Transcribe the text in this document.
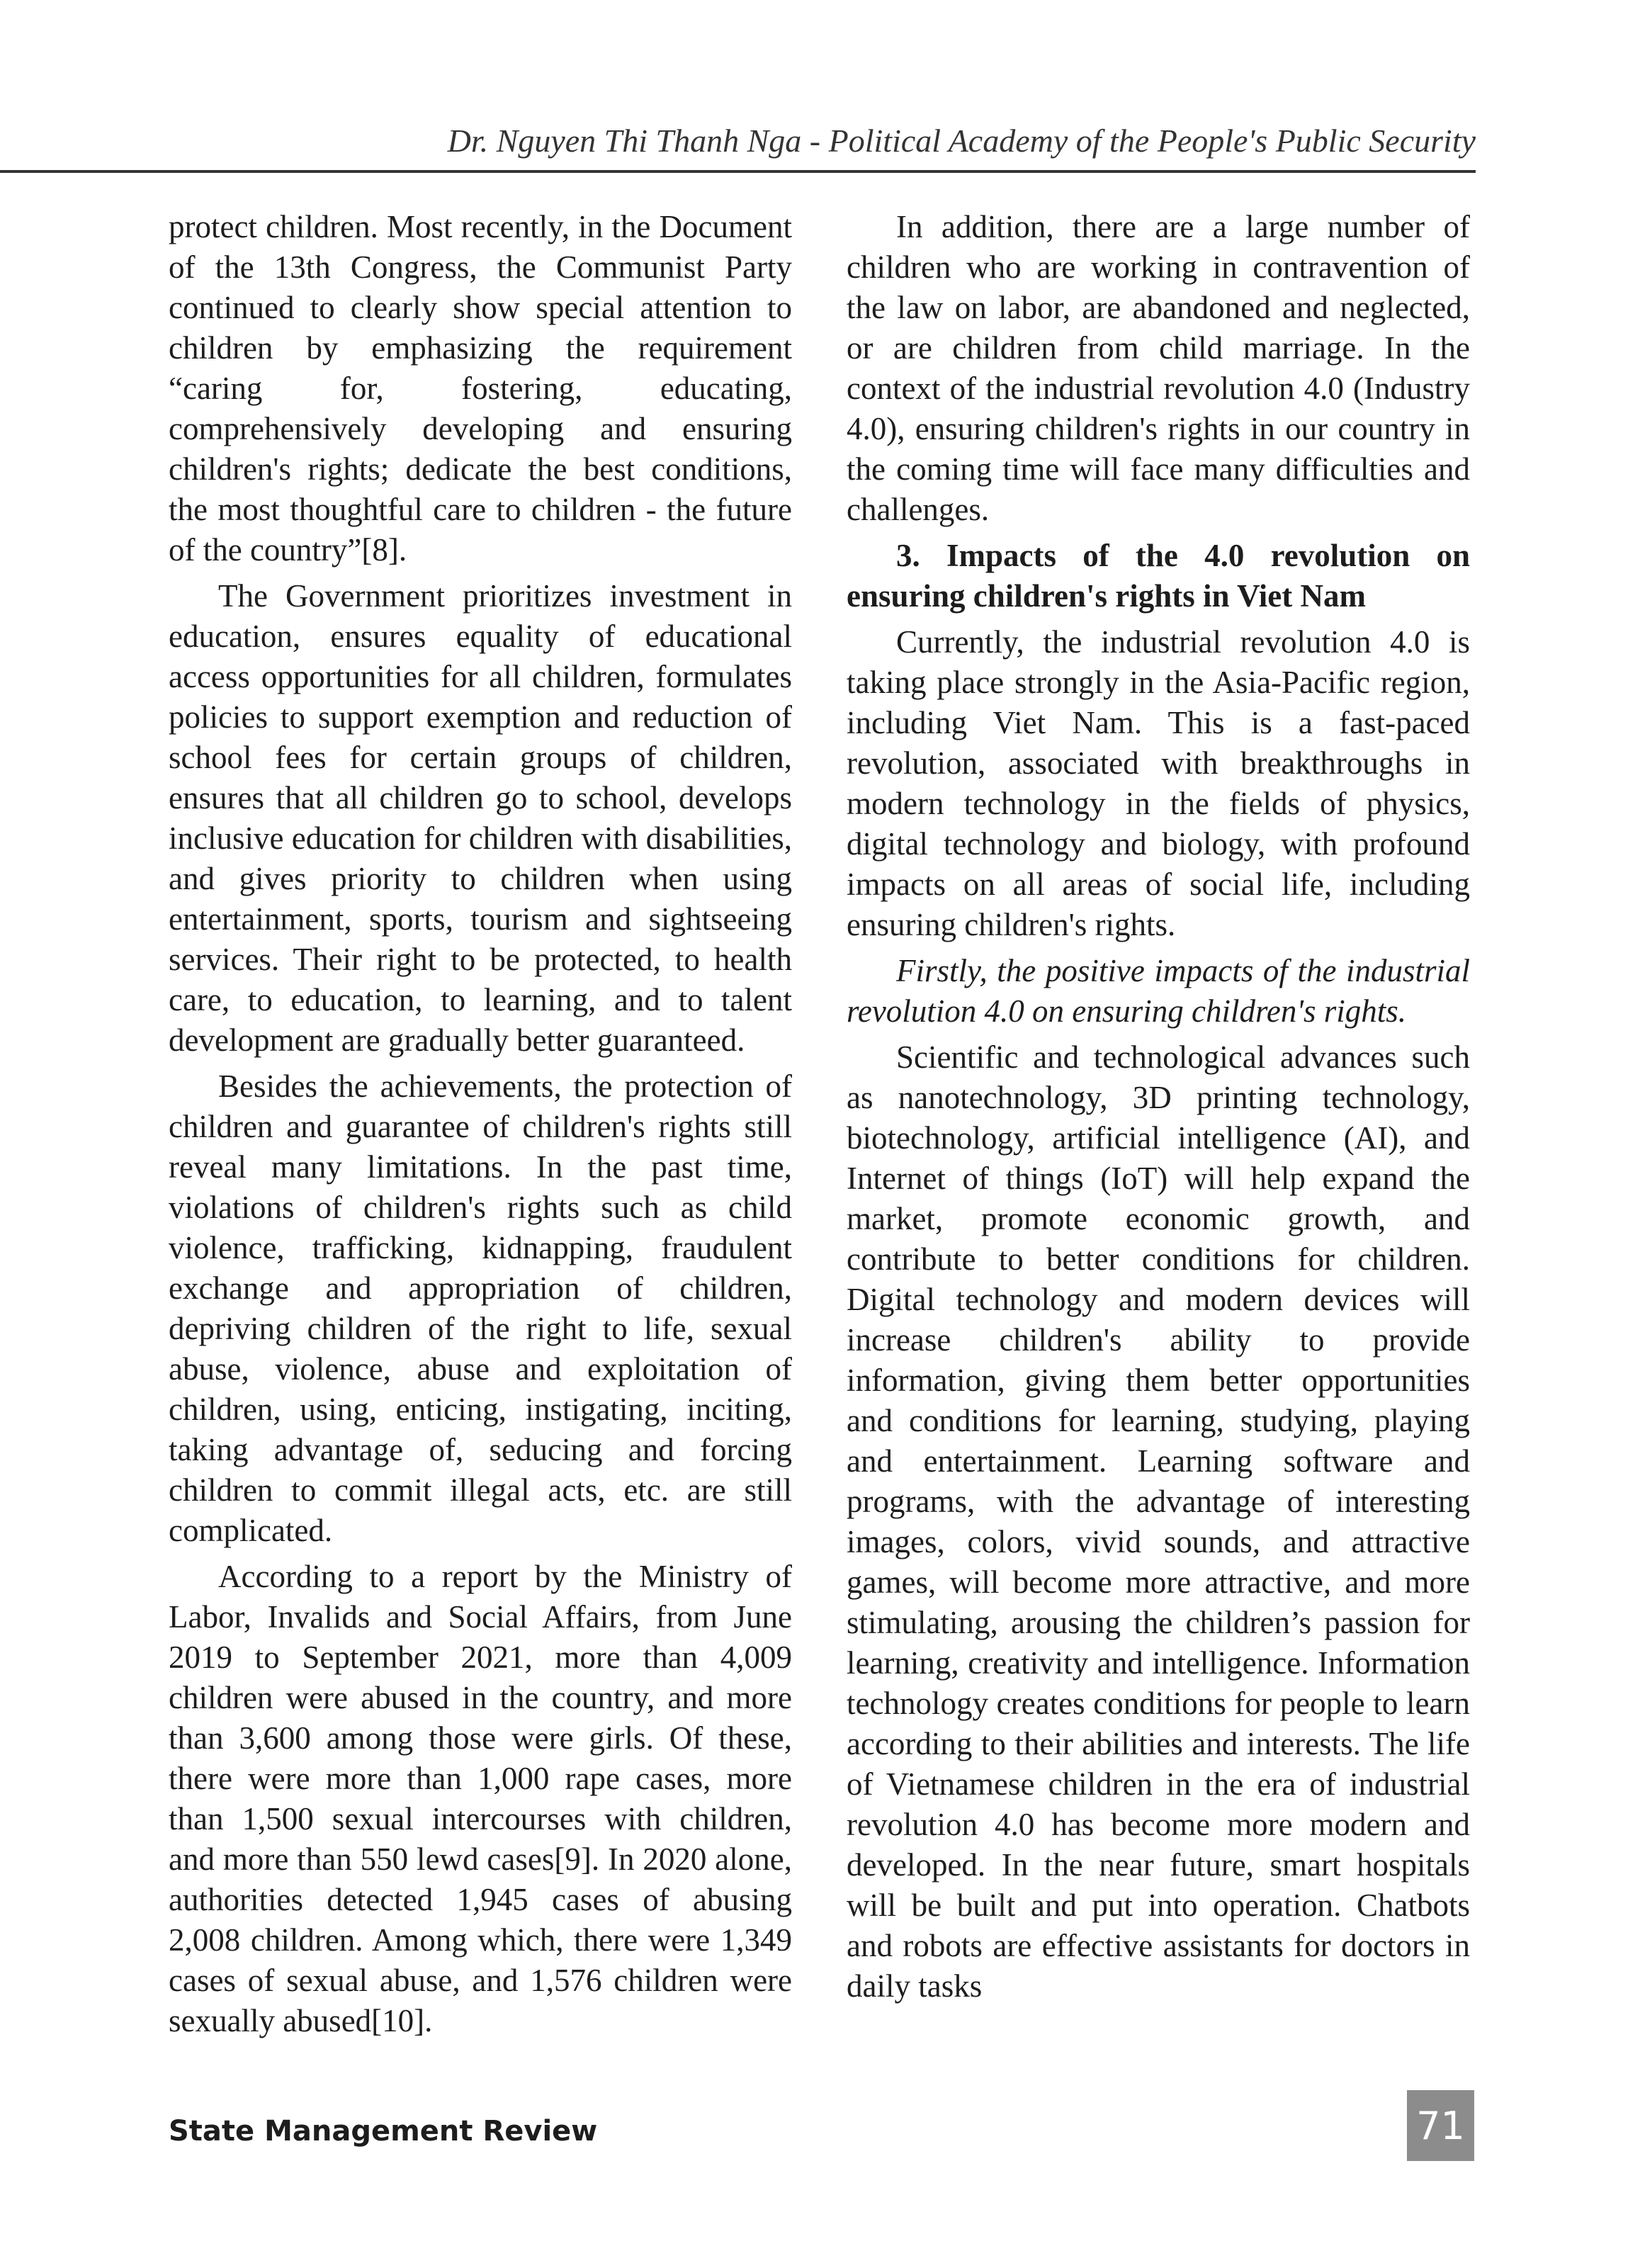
Dr. Nguyen Thi Thanh Nga - Political Academy of the People's Public Security

protect children. Most recently, in the Document of the 13th Congress, the Communist Party continued to clearly show special attention to children by emphasizing the requirement “caring for, fostering, educating, comprehensively developing and ensuring children's rights; dedicate the best conditions, the most thoughtful care to children - the future of the country”[8].

The Government prioritizes investment in education, ensures equality of educational access opportunities for all children, formulates policies to support exemption and reduction of school fees for certain groups of children, ensures that all children go to school, develops inclusive education for children with disabilities, and gives priority to children when using entertainment, sports, tourism and sightseeing services. Their right to be protected, to health care, to education, to learning, and to talent development are gradually better guaranteed.

Besides the achievements, the protection of children and guarantee of children's rights still reveal many limitations. In the past time, violations of children's rights such as child violence, trafficking, kidnapping, fraudulent exchange and appropriation of children, depriving children of the right to life, sexual abuse, violence, abuse and exploitation of children, using, enticing, instigating, inciting, taking advantage of, seducing and forcing children to commit illegal acts, etc. are still complicated.

According to a report by the Ministry of Labor, Invalids and Social Affairs, from June 2019 to September 2021, more than 4,009 children were abused in the country, and more than 3,600 among those were girls. Of these, there were more than 1,000 rape cases, more than 1,500 sexual intercourses with children, and more than 550 lewd cases[9]. In 2020 alone, authorities detected 1,945 cases of abusing 2,008 children. Among which, there were 1,349 cases of sexual abuse, and 1,576 children were sexually abused[10].

In addition, there are a large number of children who are working in contravention of the law on labor, are abandoned and neglected, or are children from child marriage. In the context of the industrial revolution 4.0 (Industry 4.0), ensuring children's rights in our country in the coming time will face many difficulties and challenges.

3. Impacts of the 4.0 revolution on ensuring children's rights in Viet Nam

Currently, the industrial revolution 4.0 is taking place strongly in the Asia-Pacific region, including Viet Nam. This is a fast-paced revolution, associated with breakthroughs in modern technology in the fields of physics, digital technology and biology, with profound impacts on all areas of social life, including ensuring children's rights.

Firstly, the positive impacts of the industrial revolution 4.0 on ensuring children's rights.

Scientific and technological advances such as nanotechnology, 3D printing technology, biotechnology, artificial intelligence (AI), and Internet of things (IoT) will help expand the market, promote economic growth, and contribute to better conditions for children. Digital technology and modern devices will increase children's ability to provide information, giving them better opportunities and conditions for learning, studying, playing and entertainment. Learning software and programs, with the advantage of interesting images, colors, vivid sounds, and attractive games, will become more attractive, and more stimulating, arousing the children’s passion for learning, creativity and intelligence. Information technology creates conditions for people to learn according to their abilities and interests. The life of Vietnamese children in the era of industrial revolution 4.0 has become more modern and developed. In the near future, smart hospitals will be built and put into operation. Chatbots and robots are effective assistants for doctors in daily tasks

State Management Review	71
